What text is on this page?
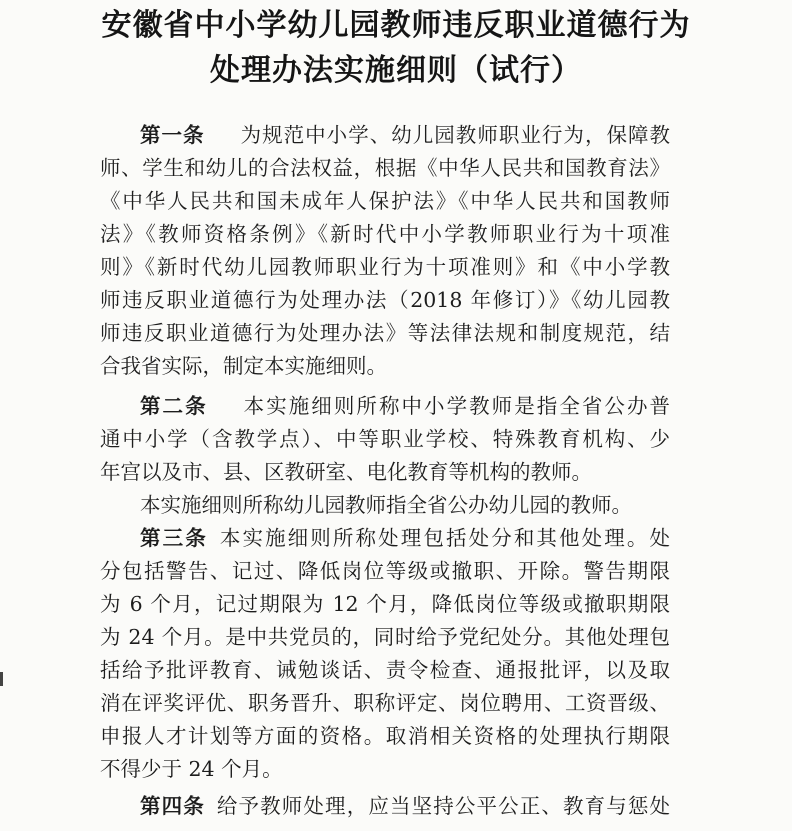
安徽省中小学幼儿园教师违反职业道德行为
处理办法实施细则（试行）
第一条 为规范中小学、幼儿园教师职业行为，保障教
师、学生和幼儿的合法权益，根据《中华人民共和国教育法》
《中华人民共和国未成年人保护法》《中华人民共和国教师
法》《教师资格条例》《新时代中小学教师职业行为十项准
则》《新时代幼儿园教师职业行为十项准则》和《中小学教
师违反职业道德行为处理办法（2018 年修订）》《幼儿园教
师违反职业道德行为处理办法》等法律法规和制度规范，结
合我省实际，制定本实施细则。
第二条 本实施细则所称中小学教师是指全省公办普
通中小学（含教学点）、中等职业学校、特殊教育机构、少
年宫以及市、县、区教研室、电化教育等机构的教师。
本实施细则所称幼儿园教师指全省公办幼儿园的教师。
第三条 本实施细则所称处理包括处分和其他处理。处
分包括警告、记过、降低岗位等级或撤职、开除。警告期限
为 6 个月，记过期限为 12 个月，降低岗位等级或撤职期限
为 24 个月。是中共党员的，同时给予党纪处分。其他处理包
括给予批评教育、诫勉谈话、责令检查、通报批评，以及取
消在评奖评优、职务晋升、职称评定、岗位聘用、工资晋级、
申报人才计划等方面的资格。取消相关资格的处理执行期限
不得少于 24 个月。
第四条 给予教师处理，应当坚持公平公正、教育与惩处
